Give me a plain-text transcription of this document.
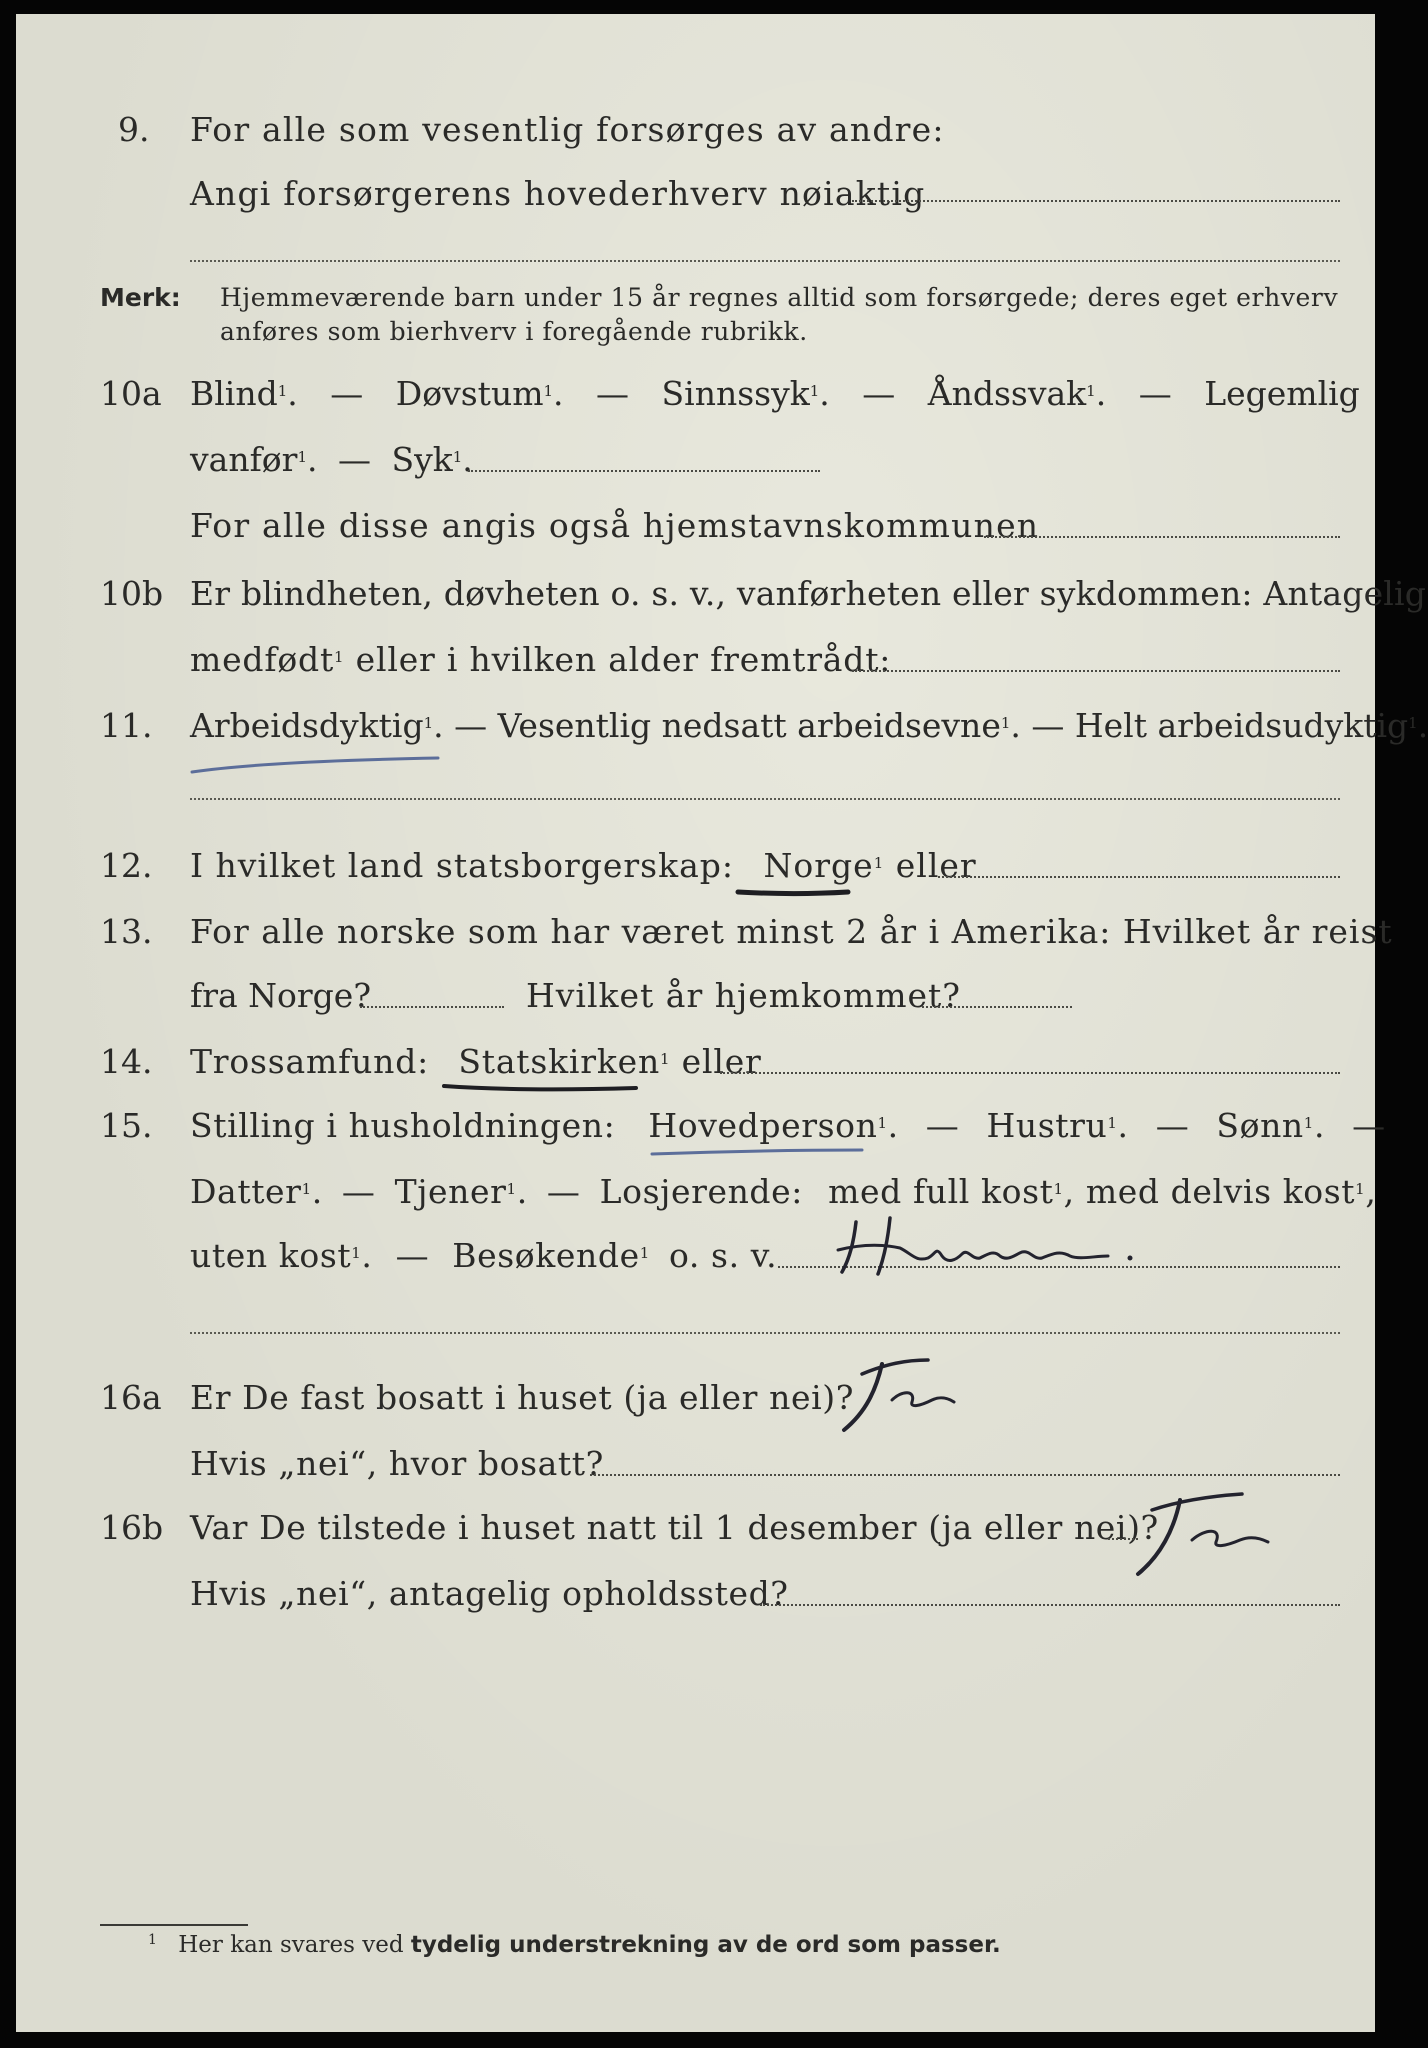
9. For alle som vesentlig forsørges av andre:
Angi forsørgerens hovederhverv nøiaktig
Merk: Hjemmeværende barn under 15 år regnes alltid som forsørgede; deres eget erhverv
anføres som bierhverv i foregående rubrikk.
10a Blind$^1$. — Døvstum$^1$. — Sinnssyk$^1$. — Åndssvak$^1$. — Legemlig
vanfør$^1$. — Syk$^1$.
For alle disse angis også hjemstavnskommunen
10b Er blindheten, døvheten o. s. v., vanførheten eller sykdommen: Antagelig
medfødt$^1$ eller i hvilken alder fremtrådt:
11. Arbeidsdyktig$^1$. — Vesentlig nedsatt arbeidsevne$^1$. — Helt arbeidsudyktig$^1$.
12. I hvilket land statsborgerskap: Norge$^1$ eller
13. For alle norske som har været minst 2 år i Amerika: Hvilket år reist
fra Norge?	Hvilket år hjemkommet?
14. Trossamfund: Statskirken$^1$ eller
15. Stilling i husholdningen: Hovedperson$^1$. — Hustru$^1$. — Sønn$^1$. —
Datter$^1$. — Tjener$^1$. — Losjerende: med full kost$^1$, med delvis kost$^1$,
uten kost$^1$. — Besøkende$^1$ o. s. v.
16a Er De fast bosatt i huset (ja eller nei)?
Hvis „nei“, hvor bosatt?
16b Var De tilstede i huset natt til 1 desember (ja eller nei)?
Hvis „nei“, antagelig opholdssted?
$^1$ Her kan svares ved tydelig understrekning av de ord som passer.
